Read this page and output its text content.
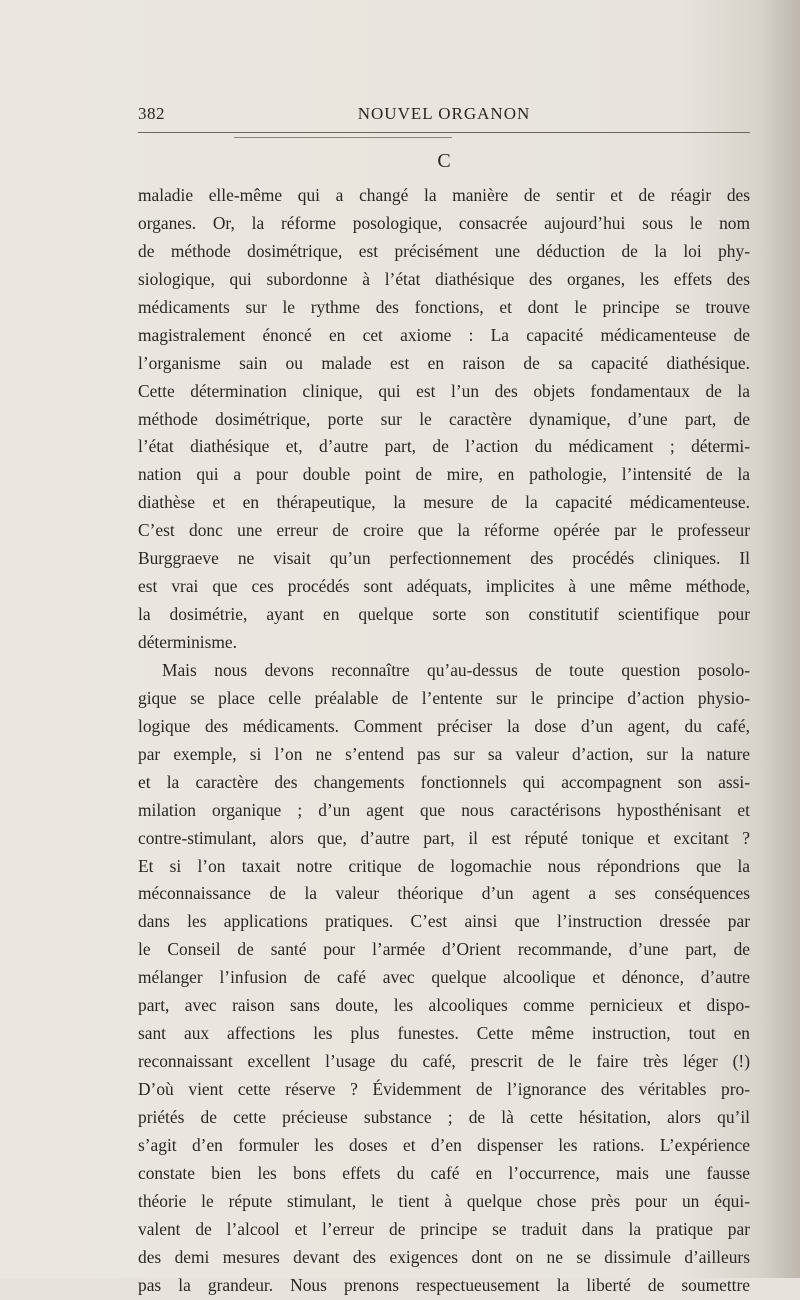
382	NOUVEL ORGANON
C
maladie elle-même qui a changé la manière de sentir et de réagir des
organes. Or, la réforme posologique, consacrée aujourd’hui sous le nom
de méthode dosimétrique, est précisément une déduction de la loi phy-
siologique, qui subordonne à l’état diathésique des organes, les effets des
médicaments sur le rythme des fonctions, et dont le principe se trouve
magistralement énoncé en cet axiome : La capacité médicamenteuse de
l’organisme sain ou malade est en raison de sa capacité diathésique.
Cette détermination clinique, qui est l’un des objets fondamentaux de la
méthode dosimétrique, porte sur le caractère dynamique, d’une part, de
l’état diathésique et, d’autre part, de l’action du médicament ; détermi-
nation qui a pour double point de mire, en pathologie, l’intensité de la
diathèse et en thérapeutique, la mesure de la capacité médicamenteuse.
C’est donc une erreur de croire que la réforme opérée par le professeur
Burggraeve ne visait qu’un perfectionnement des procédés cliniques. Il
est vrai que ces procédés sont adéquats, implicites à une même méthode,
la dosimétrie, ayant en quelque sorte son constitutif scientifique pour
déterminisme.
Mais nous devons reconnaître qu’au-dessus de toute question posolo-
gique se place celle préalable de l’entente sur le principe d’action physio-
logique des médicaments. Comment préciser la dose d’un agent, du café,
par exemple, si l’on ne s’entend pas sur sa valeur d’action, sur la nature
et la caractère des changements fonctionnels qui accompagnent son assi-
milation organique ; d’un agent que nous caractérisons hyposthénisant et
contre-stimulant, alors que, d’autre part, il est réputé tonique et excitant ?
Et si l’on taxait notre critique de logomachie nous répondrions que la
méconnaissance de la valeur théorique d’un agent a ses conséquences
dans les applications pratiques. C’est ainsi que l’instruction dressée par
le Conseil de santé pour l’armée d’Orient recommande, d’une part, de
mélanger l’infusion de café avec quelque alcoolique et dénonce, d’autre
part, avec raison sans doute, les alcooliques comme pernicieux et dispo-
sant aux affections les plus funestes. Cette même instruction, tout en
reconnaissant excellent l’usage du café, prescrit de le faire très léger (!)
D’où vient cette réserve ? Évidemment de l’ignorance des véritables pro-
priétés de cette précieuse substance ; de là cette hésitation, alors qu’il
s’agit d’en formuler les doses et d’en dispenser les rations. L’expérience
constate bien les bons effets du café en l’occurrence, mais une fausse
théorie le répute stimulant, le tient à quelque chose près pour un équi-
valent de l’alcool et l’erreur de principe se traduit dans la pratique par
des demi mesures devant des exigences dont on ne se dissimule d’ailleurs
pas la grandeur. Nous prenons respectueusement la liberté de soumettre
